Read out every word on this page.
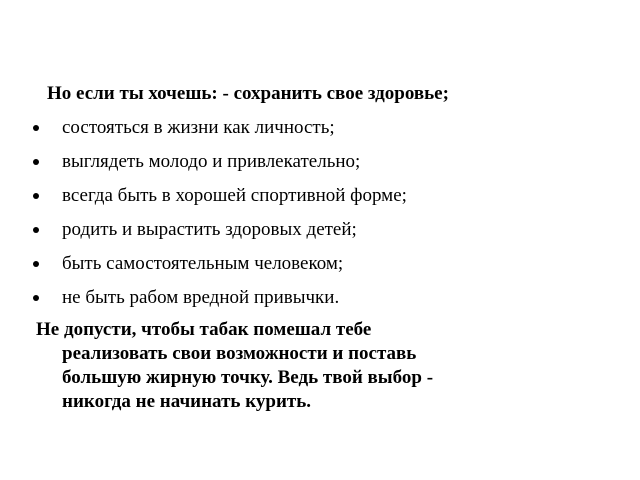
Но если ты хочешь: - сохранить свое здоровье;
состояться в жизни как личность;
выглядеть молодо и привлекательно;
всегда быть в хорошей спортивной форме;
родить и вырастить здоровых детей;
быть самостоятельным человеком;
не быть рабом вредной привычки.
Не допусти, чтобы табак помешал тебе
реализовать свои возможности и поставь
большую жирную точку. Ведь твой выбор -
никогда не начинать курить.
